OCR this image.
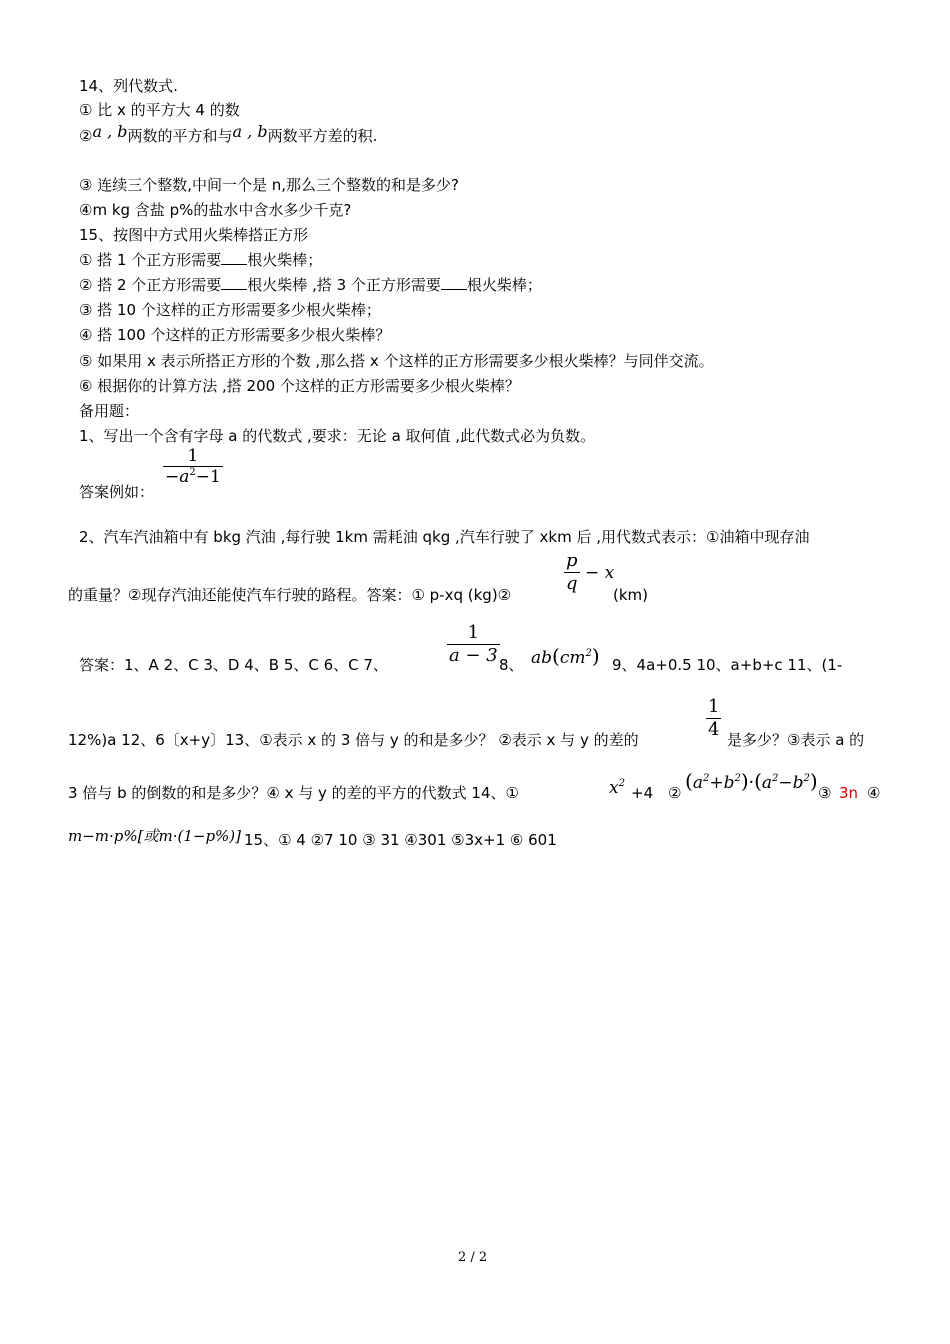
14、列代数式.
① 比 x 的平方大 4 的数
②a , b两数的平方和与a , b两数平方差的积.
③ 连续三个整数,中间一个是 n,那么三个整数的和是多少?
④m kg 含盐 p%的盐水中含水多少千克?
15、按图中方式用火柴棒搭正方形
① 搭 1 个正方形需要 根火柴棒；
② 搭 2 个正方形需要 根火柴棒 ,搭 3 个正方形需要 根火柴棒；
③ 搭 10 个这样的正方形需要多少根火柴棒；
④ 搭 100 个这样的正方形需要多少根火柴棒？
⑤ 如果用 x 表示所搭正方形的个数 ,那么搭 x 个这样的正方形需要多少根火柴棒？与同伴交流。
⑥ 根据你的计算方法 ,搭 200 个这样的正方形需要多少根火柴棒？
备用题：
1、写出一个含有字母 a 的代数式 ,要求：无论 a 取何值 ,此代数式必为负数。
答案例如：
$\frac{1}{-a^2-1}$
2、汽车汽油箱中有 bkg 汽油 ,每行驶 1km 需耗油 qkg ,汽车行驶了 xkm 后 ,用代数式表示：①油箱中现存油
的重量？②现存汽油还能使汽车行驶的路程。答案：① p-xq (kg)②	$\frac{p}{q} - x$
(km)
答案：1、A 2、C 3、D 4、B 5、C 6、C 7、	$\frac{1}{a - 3} 8$、 $ab(cm^2)$ 9、4a+0.5 10、a+b+c 11、(1-
12%)a 12、6〔x+y〕13、①表示 x 的 3 倍与 y 的和是多少？ ②表示 x 与 y 的差的	$\frac{1}{4}$ 是多少？③表示 a 的
3 倍与 b 的倒数的和是多少？④ x 与 y 的差的平方的代数式 14、①	$x^2$
+4 ② $(a^2+b^2)\cdot(a^2-b^2)$ ③ 3n ④
m−m·p%[或m·(1−p%)] 15、① 4 ②7 10 ③ 31 ④301 ⑤3x+1 ⑥ 601
2 / 2
